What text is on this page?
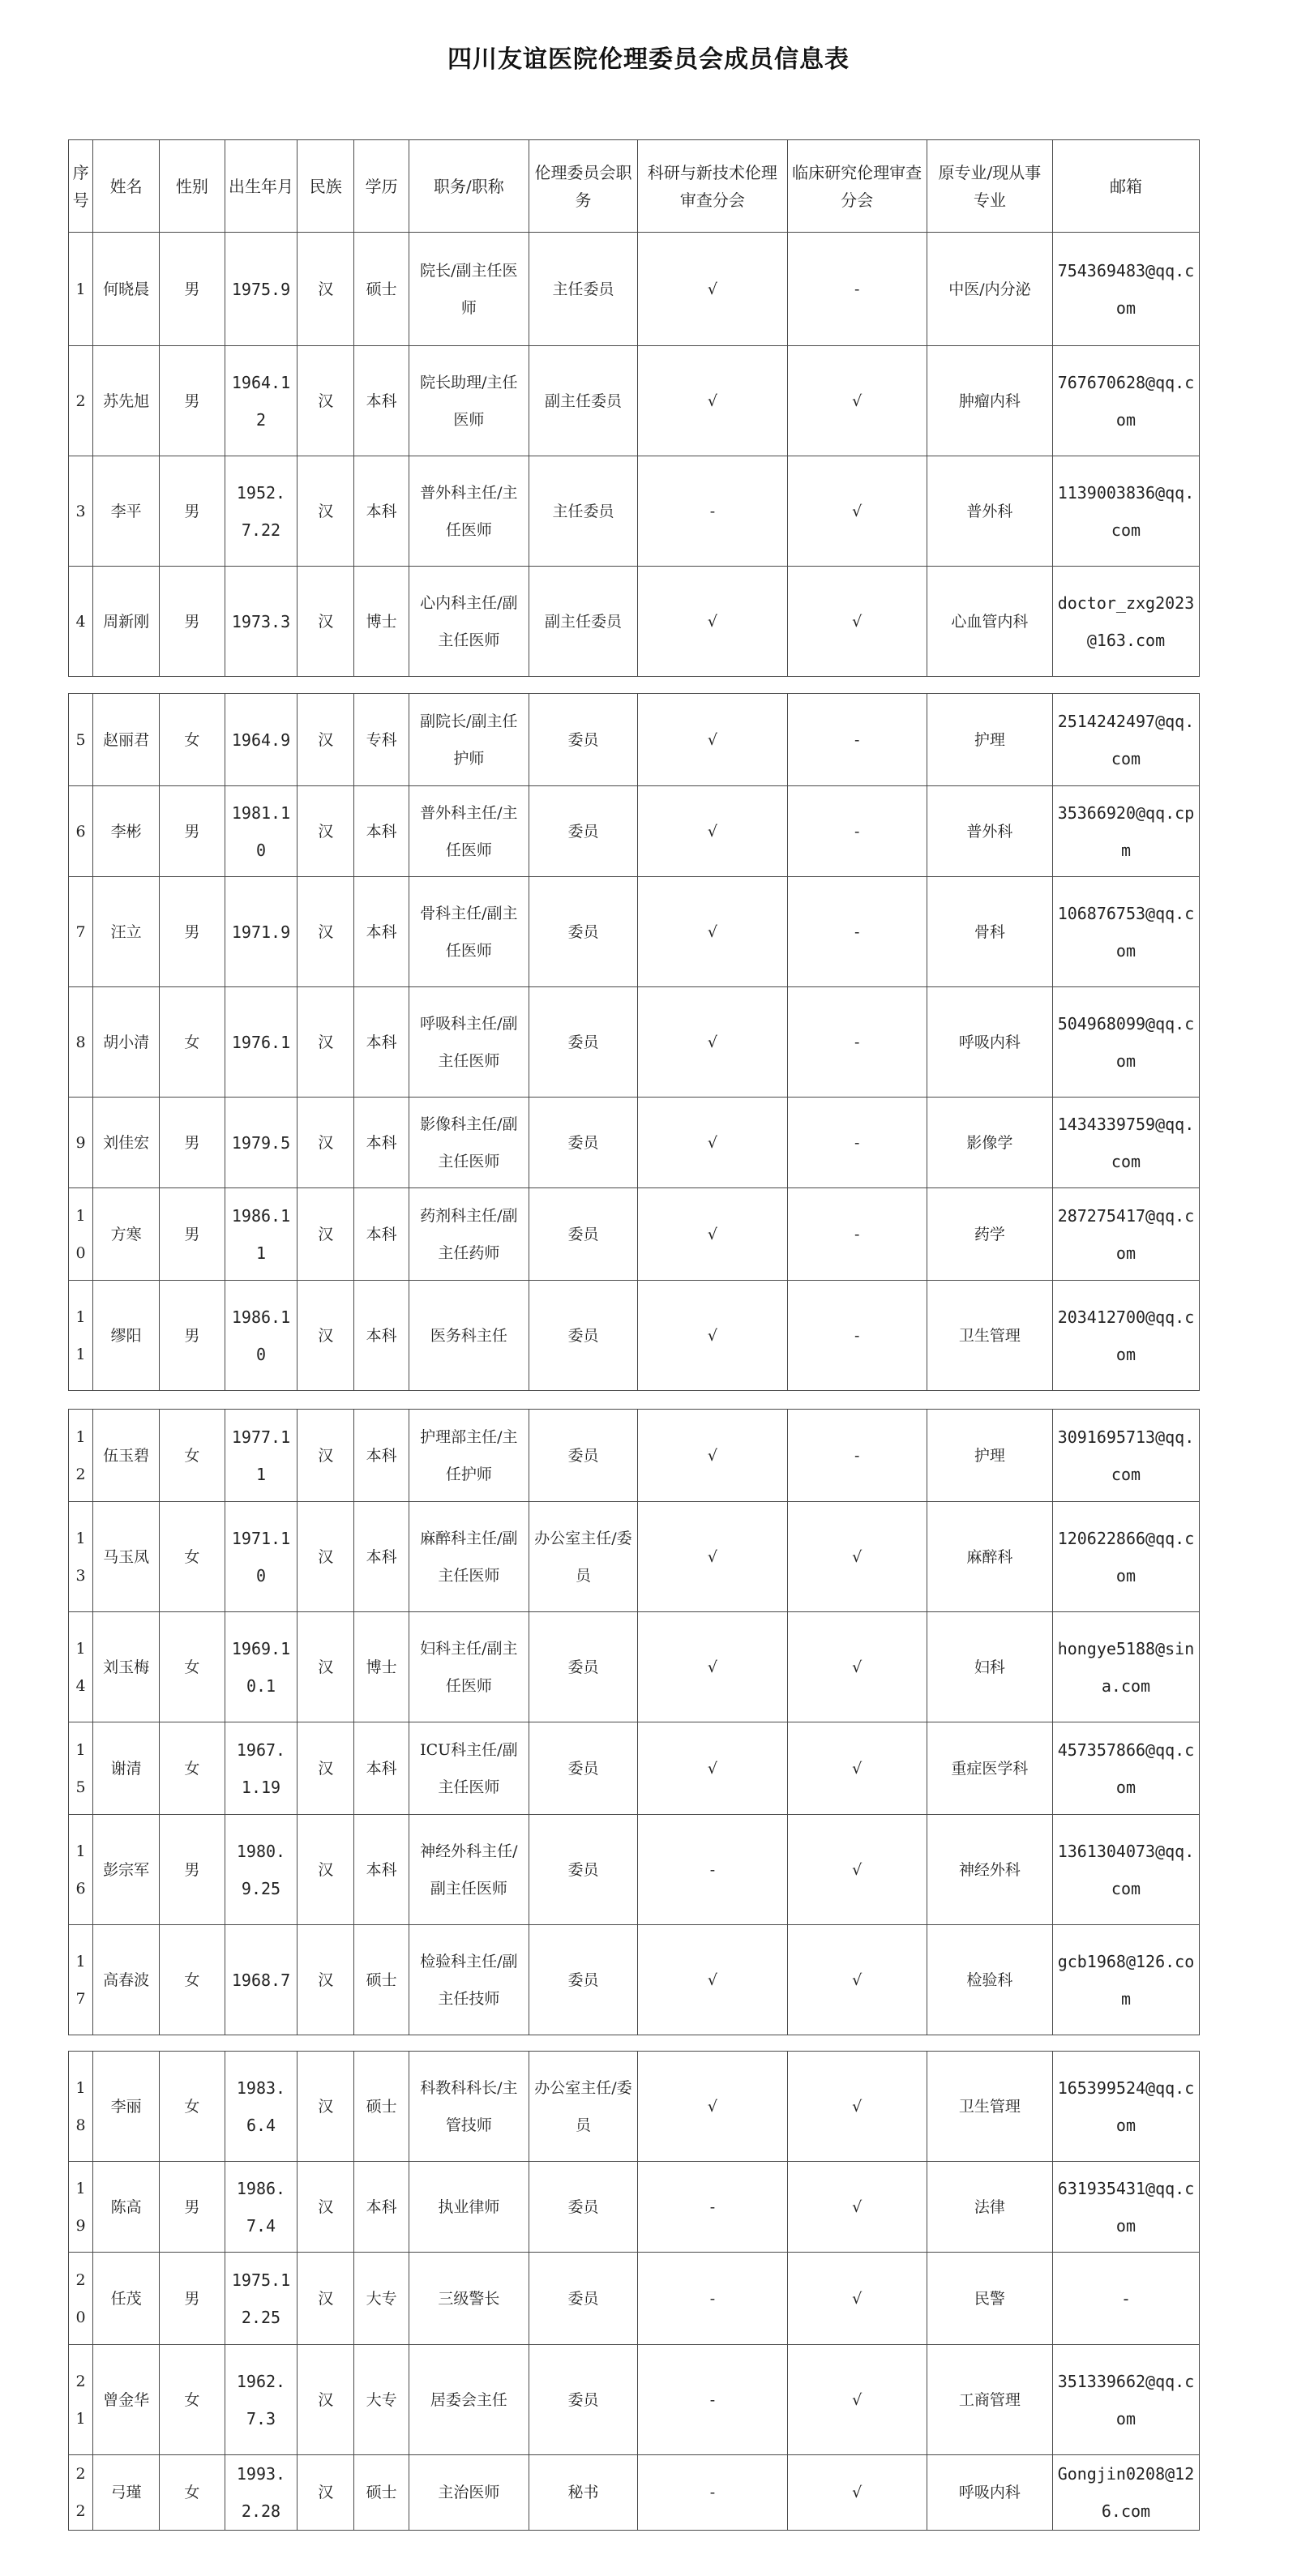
四川友谊医院伦理委员会成员信息表
序号	姓名	性别	出生年月	民族	学历	职务/职称	伦理委员会职务	科研与新技术伦理审查分会	临床研究伦理审查分会	原专业/现从事专业	邮箱
1	何晓晨	男	1975.9	汉	硕士	院长/副主任医师	主任委员	√	-	中医/内分泌	754369483@qq.com
2	苏先旭	男	1964.12	汉	本科	院长助理/主任医师	副主任委员	√	√	肿瘤内科	767670628@qq.com
3	李平	男	1952.7.22	汉	本科	普外科主任/主任医师	主任委员	-	√	普外科	1139003836@qq.com
4	周新刚	男	1973.3	汉	博士	心内科主任/副主任医师	副主任委员	√	√	心血管内科	doctor_zxg2023@163.com
5	赵丽君	女	1964.9	汉	专科	副院长/副主任护师	委员	√	-	护理	2514242497@qq.com
6	李彬	男	1981.10	汉	本科	普外科主任/主任医师	委员	√	-	普外科	35366920@qq.cpm
7	汪立	男	1971.9	汉	本科	骨科主任/副主任医师	委员	√	-	骨科	106876753@qq.com
8	胡小清	女	1976.1	汉	本科	呼吸科主任/副主任医师	委员	√	-	呼吸内科	504968099@qq.com
9	刘佳宏	男	1979.5	汉	本科	影像科主任/副主任医师	委员	√	-	影像学	1434339759@qq.com
10	方寒	男	1986.11	汉	本科	药剂科主任/副主任药师	委员	√	-	药学	287275417@qq.com
11	缪阳	男	1986.10	汉	本科	医务科主任	委员	√	-	卫生管理	203412700@qq.com
12	伍玉碧	女	1977.11	汉	本科	护理部主任/主任护师	委员	√	-	护理	3091695713@qq.com
13	马玉凤	女	1971.10	汉	本科	麻醉科主任/副主任医师	办公室主任/委员	√	√	麻醉科	120622866@qq.com
14	刘玉梅	女	1969.10.1	汉	博士	妇科主任/副主任医师	委员	√	√	妇科	hongye5188@sina.com
15	谢清	女	1967.1.19	汉	本科	ICU科主任/副主任医师	委员	√	√	重症医学科	457357866@qq.com
16	彭宗军	男	1980.9.25	汉	本科	神经外科主任/副主任医师	委员	-	√	神经外科	1361304073@qq.com
17	高春波	女	1968.7	汉	硕士	检验科主任/副主任技师	委员	√	√	检验科	gcb1968@126.com
18	李丽	女	1983.6.4	汉	硕士	科教科科长/主管技师	办公室主任/委员	√	√	卫生管理	165399524@qq.com
19	陈高	男	1986.7.4	汉	本科	执业律师	委员	-	√	法律	631935431@qq.com
20	任茂	男	1975.12.25	汉	大专	三级警长	委员	-	√	民警	-
21	曾金华	女	1962.7.3	汉	大专	居委会主任	委员	-	√	工商管理	351339662@qq.com
22	弓瑾	女	1993.2.28	汉	硕士	主治医师	秘书	-	√	呼吸内科	Gongjin0208@126.com
